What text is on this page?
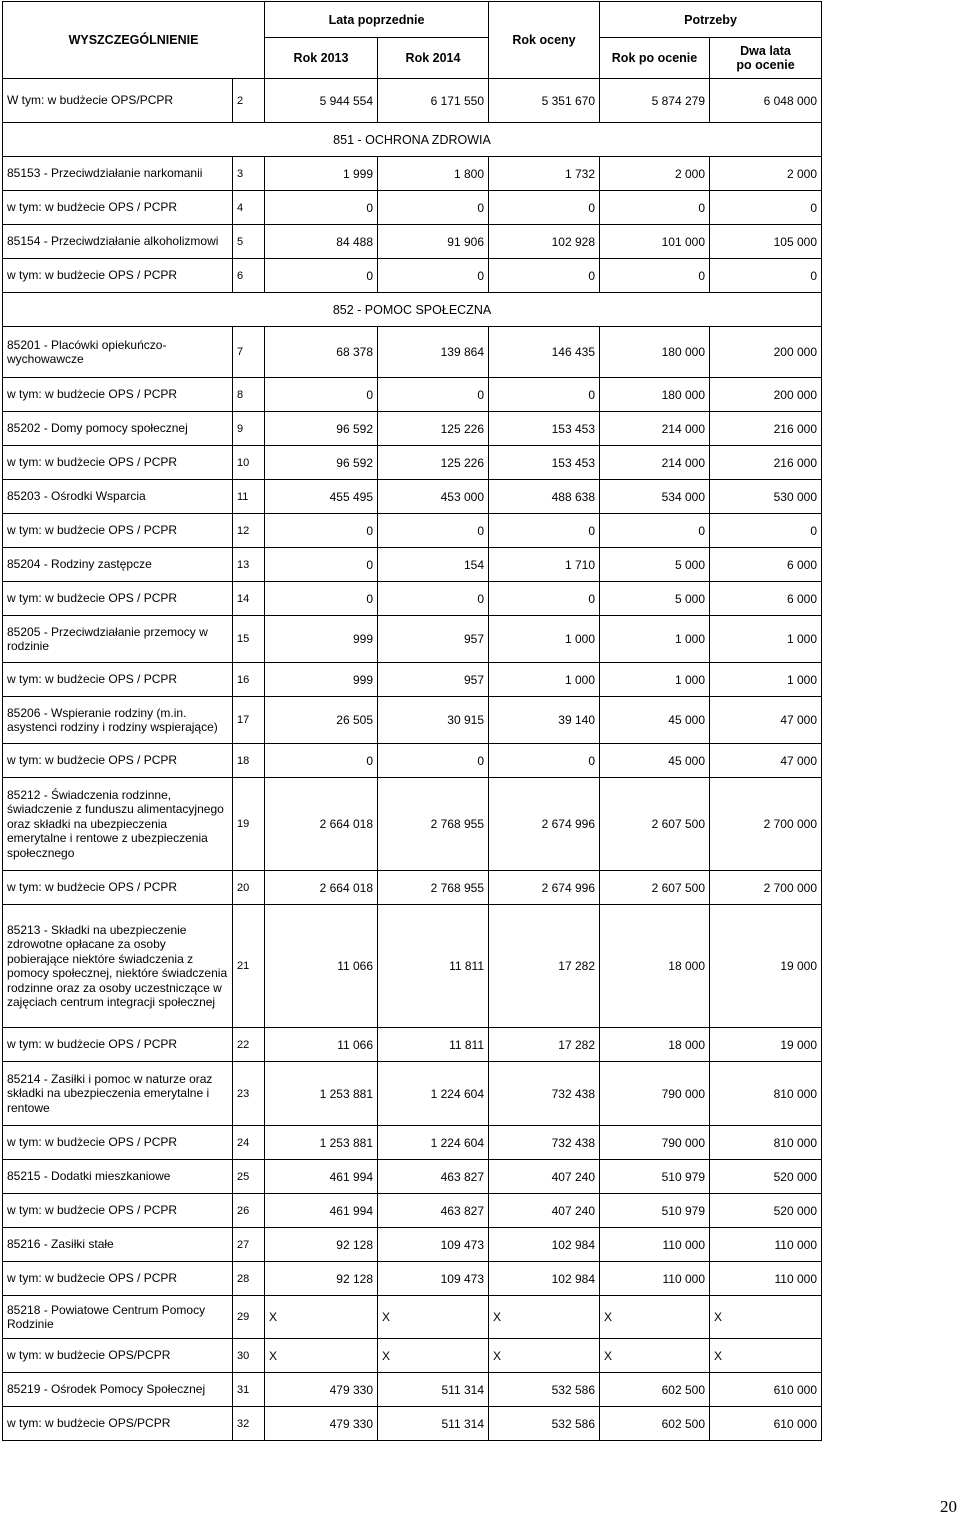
WYSZCZEGÓLNIENIE		Lata poprzednie		Rok oceny	Potrzeby	
		Rok 2013	Rok 2014		Rok po ocenie	Dwa lata
po ocenie
W tym: w budżecie OPS/PCPR	2	5 944 554	6 171 550	5 351 670	5 874 279	6 048 000
851 - OCHRONA ZDROWIA						
85153 - Przeciwdziałanie narkomanii	3	1 999	1 800	1 732	2 000	2 000
w tym: w budżecie OPS / PCPR	4	0	0	0	0	0
85154 - Przeciwdziałanie alkoholizmowi	5	84 488	91 906	102 928	101 000	105 000
w tym: w budżecie OPS / PCPR	6	0	0	0	0	0
852 - POMOC SPOŁECZNA						
85201 - Placówki opiekuńczo-wychowawcze	7	68 378	139 864	146 435	180 000	200 000
w tym: w budżecie OPS / PCPR	8	0	0	0	180 000	200 000
85202 - Domy pomocy społecznej	9	96 592	125 226	153 453	214 000	216 000
w tym: w budżecie OPS / PCPR	10	96 592	125 226	153 453	214 000	216 000
85203 - Ośrodki Wsparcia	11	455 495	453 000	488 638	534 000	530 000
w tym: w budżecie OPS / PCPR	12	0	0	0	0	0
85204 - Rodziny zastępcze	13	0	154	1 710	5 000	6 000
w tym: w budżecie OPS / PCPR	14	0	0	0	5 000	6 000
85205 - Przeciwdziałanie przemocy w rodzinie	15	999	957	1 000	1 000	1 000
w tym: w budżecie OPS / PCPR	16	999	957	1 000	1 000	1 000
85206 - Wspieranie rodziny (m.in. asystenci rodziny i rodziny wspierające)	17	26 505	30 915	39 140	45 000	47 000
w tym: w budżecie OPS / PCPR	18	0	0	0	45 000	47 000
85212 - Świadczenia rodzinne, świadczenie z funduszu alimentacyjnego oraz składki na ubezpieczenia emerytalne i rentowe z ubezpieczenia społecznego	19	2 664 018	2 768 955	2 674 996	2 607 500	2 700 000
w tym: w budżecie OPS / PCPR	20	2 664 018	2 768 955	2 674 996	2 607 500	2 700 000
85213 - Składki na ubezpieczenie zdrowotne opłacane za osoby pobierające niektóre świadczenia z pomocy społecznej, niektóre świadczenia rodzinne oraz za osoby uczestniczące w zajęciach centrum integracji społecznej	21	11 066	11 811	17 282	18 000	19 000
w tym: w budżecie OPS / PCPR	22	11 066	11 811	17 282	18 000	19 000
85214 - Zasiłki i pomoc w naturze oraz składki na ubezpieczenia emerytalne i rentowe	23	1 253 881	1 224 604	732 438	790 000	810 000
w tym: w budżecie OPS / PCPR	24	1 253 881	1 224 604	732 438	790 000	810 000
85215 - Dodatki mieszkaniowe	25	461 994	463 827	407 240	510 979	520 000
w tym: w budżecie OPS / PCPR	26	461 994	463 827	407 240	510 979	520 000
85216 - Zasiłki stałe	27	92 128	109 473	102 984	110 000	110 000
w tym: w budżecie OPS / PCPR	28	92 128	109 473	102 984	110 000	110 000
85218 - Powiatowe Centrum Pomocy Rodzinie	29	X	X	X	X	X
w tym: w budżecie OPS/PCPR	30	X	X	X	X	X
85219 - Ośrodek Pomocy Społecznej	31	479 330	511 314	532 586	602 500	610 000
w tym: w budżecie OPS/PCPR	32	479 330	511 314	532 586	602 500	610 000
20
